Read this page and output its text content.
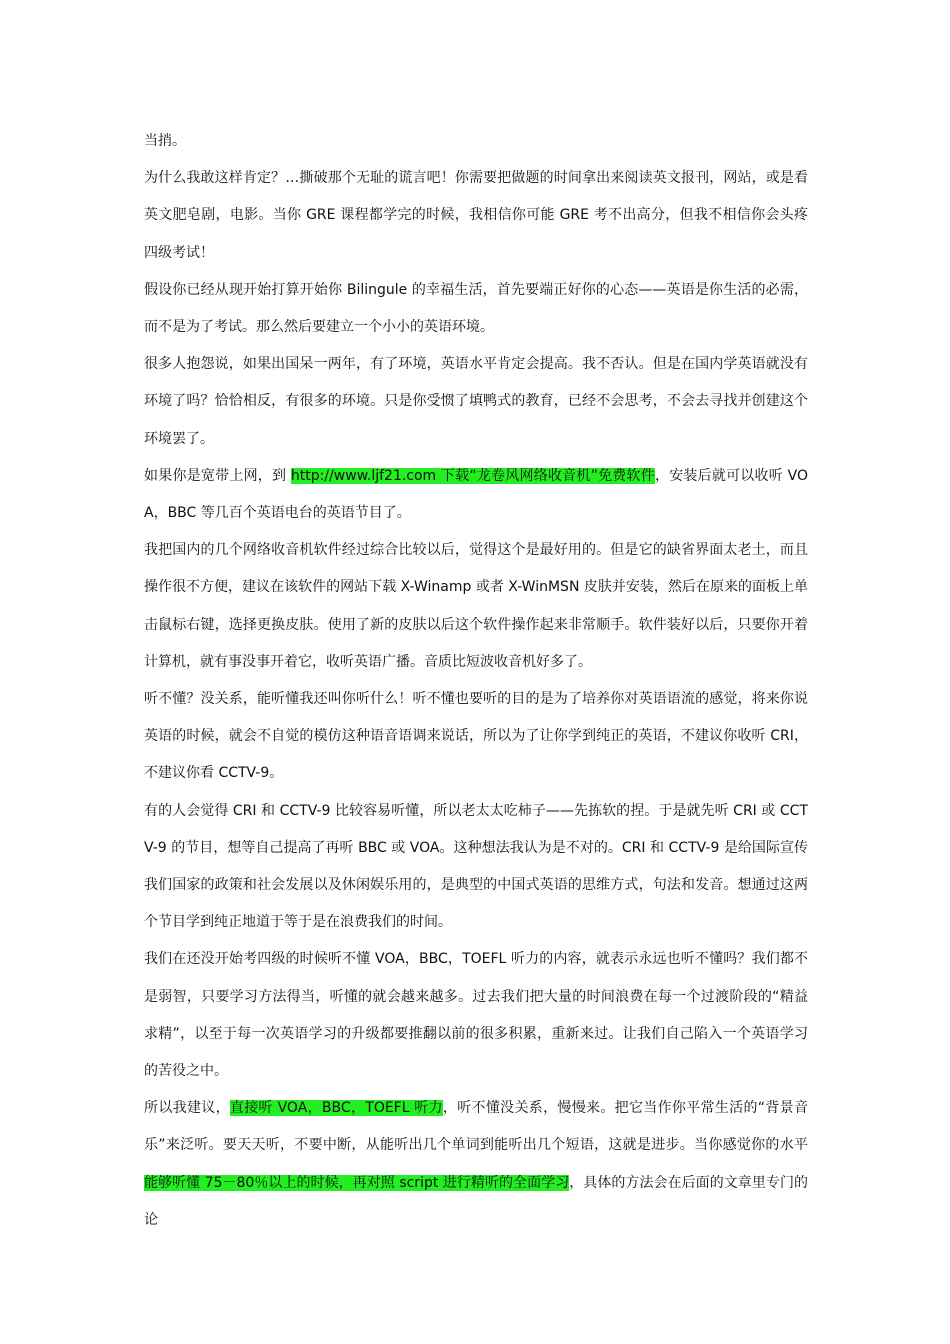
当捎。

为什么我敢这样肯定？…撕破那个无耻的谎言吧！你需要把做题的时间拿出来阅读英文报刊，网站，或是看英文肥皂剧，电影。当你 GRE 课程都学完的时候，我相信你可能 GRE 考不出高分，但我不相信你会头疼四级考试！

假设你已经从现开始打算开始你 Bilingule 的幸福生活，首先要端正好你的心态——英语是你生活的必需，而不是为了考试。那么然后要建立一个小小的英语环境。

很多人抱怨说，如果出国呆一两年，有了环境，英语水平肯定会提高。我不否认。但是在国内学英语就没有环境了吗？恰恰相反，有很多的环境。只是你受惯了填鸭式的教育，已经不会思考，不会去寻找并创建这个环境罢了。

如果你是宽带上网，到 http://www.ljf21.com 下载“龙卷风网络收音机”免费软件，安装后就可以收听 VOA，BBC 等几百个英语电台的英语节目了。

我把国内的几个网络收音机软件经过综合比较以后，觉得这个是最好用的。但是它的缺省界面太老土，而且操作很不方便，建议在该软件的网站下载 X-Winamp 或者 X-WinMSN 皮肤并安装，然后在原来的面板上单击鼠标右键，选择更换皮肤。使用了新的皮肤以后这个软件操作起来非常顺手。软件装好以后，只要你开着计算机，就有事没事开着它，收听英语广播。音质比短波收音机好多了。

听不懂？没关系，能听懂我还叫你听什么！听不懂也要听的目的是为了培养你对英语语流的感觉，将来你说英语的时候，就会不自觉的模仿这种语音语调来说话，所以为了让你学到纯正的英语，不建议你收听 CRI，不建议你看 CCTV-9。

有的人会觉得 CRI 和 CCTV-9 比较容易听懂，所以老太太吃柿子——先拣软的捏。于是就先听 CRI 或 CCTV-9 的节目，想等自己提高了再听 BBC 或 VOA。这种想法我认为是不对的。CRI 和 CCTV-9 是给国际宣传我们国家的政策和社会发展以及休闲娱乐用的，是典型的中国式英语的思维方式，句法和发音。想通过这两个节目学到纯正地道于等于是在浪费我们的时间。

我们在还没开始考四级的时候听不懂 VOA，BBC，TOEFL 听力的内容，就表示永远也听不懂吗？我们都不是弱智，只要学习方法得当，听懂的就会越来越多。过去我们把大量的时间浪费在每一个过渡阶段的“精益求精”，以至于每一次英语学习的升级都要推翻以前的很多积累，重新来过。让我们自己陷入一个英语学习的苦役之中。

所以我建议，直接听 VOA，BBC，TOEFL 听力，听不懂没关系，慢慢来。把它当作你平常生活的“背景音乐”来泛听。要天天听，不要中断，从能听出几个单词到能听出几个短语，这就是进步。当你感觉你的水平能够听懂 75－80％以上的时候，再对照 script 进行精听的全面学习，具体的方法会在后面的文章里专门的论
